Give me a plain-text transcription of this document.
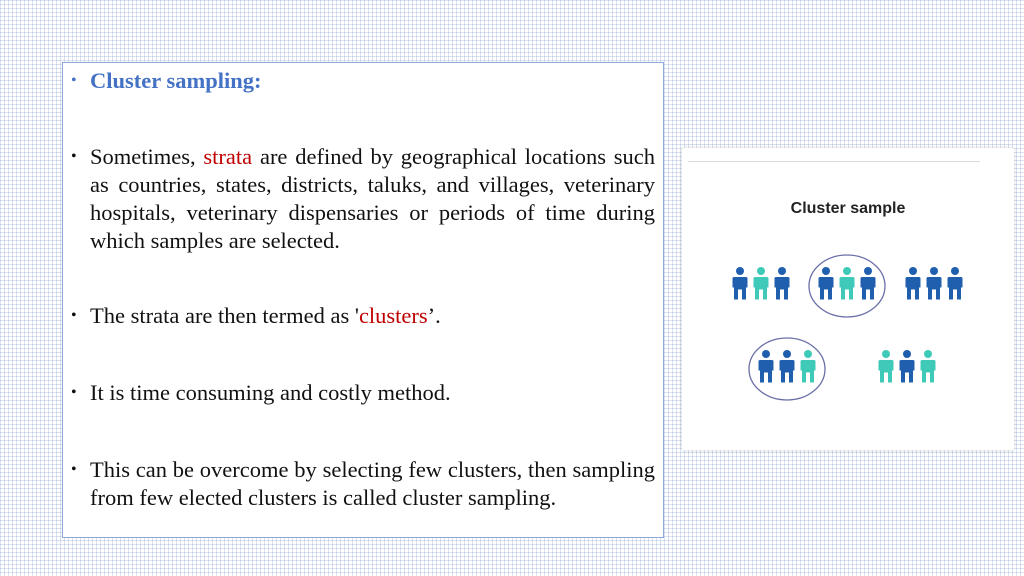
• Cluster sampling:
• Sometimes, strata are defined by geographical locations such as countries, states, districts, taluks, and villages, veterinary hospitals, veterinary dispensaries or periods of time during which samples are selected.
• The strata are then termed as 'clusters’.
• It is time consuming and costly method.
• This can be overcome by selecting few clusters, then sampling from few elected clusters is called cluster sampling.
Cluster sample
